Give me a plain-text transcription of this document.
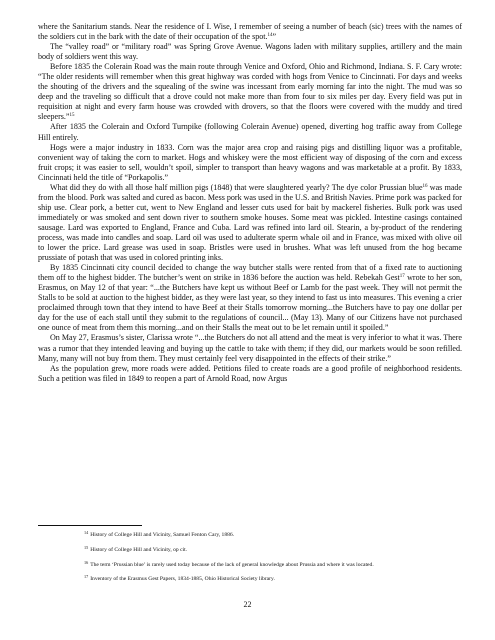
where the Sanitarium stands. Near the residence of I. Wise, I remember of seeing a number of beach (sic) trees with the names of the soldiers cut in the bark with the date of their occupation of the spot.$^{14}$”

The “valley road” or “military road” was Spring Grove Avenue. Wagons laden with military supplies, artillery and the main body of soldiers went this way.

Before 1835 the Colerain Road was the main route through Venice and Oxford, Ohio and Richmond, Indiana. S. F. Cary wrote: “The older residents will remember when this great highway was corded with hogs from Venice to Cincinnati. For days and weeks the shouting of the drivers and the squealing of the swine was incessant from early morning far into the night. The mud was so deep and the traveling so difficult that a drove could not make more than from four to six miles per day. Every field was put in requisition at night and every farm house was crowded with drovers, so that the floors were covered with the muddy and tired sleepers.”$^{15}$

After 1835 the Colerain and Oxford Turnpike (following Colerain Avenue) opened, diverting hog traffic away from College Hill entirely.

Hogs were a major industry in 1833. Corn was the major area crop and raising pigs and distilling liquor was a profitable, convenient way of taking the corn to market. Hogs and whiskey were the most efficient way of disposing of the corn and excess fruit crops; it was easier to sell, wouldn’t spoil, simpler to transport than heavy wagons and was marketable at a profit. By 1833, Cincinnati held the title of “Porkapolis.”

What did they do with all those half million pigs (1848) that were slaughtered yearly? The dye color Prussian blue$^{16}$ was made from the blood. Pork was salted and cured as bacon. Mess pork was used in the U.S. and British Navies. Prime pork was packed for ship use. Clear pork, a better cut, went to New England and lesser cuts used for bait by mackerel fisheries. Bulk pork was used immediately or was smoked and sent down river to southern smoke houses. Some meat was pickled. Intestine casings contained sausage. Lard was exported to England, France and Cuba. Lard was refined into lard oil. Stearin, a by-product of the rendering process, was made into candles and soap. Lard oil was used to adulterate sperm whale oil and in France, was mixed with olive oil to lower the price. Lard grease was used in soap. Bristles were used in brushes. What was left unused from the hog became prussiate of potash that was used in colored printing inks.

By 1835 Cincinnati city council decided to change the way butcher stalls were rented from that of a fixed rate to auctioning them off to the highest bidder. The butcher’s went on strike in 1836 before the auction was held. Rebekah Gest$^{17}$ wrote to her son, Erasmus, on May 12 of that year: “...the Butchers have kept us without Beef or Lamb for the past week. They will not permit the Stalls to be sold at auction to the highest bidder, as they were last year, so they intend to fast us into measures. This evening a crier proclaimed through town that they intend to have Beef at their Stalls tomorrow morning...the Butchers have to pay one dollar per day for the use of each stall until they submit to the regulations of council... (May 13). Many of our Citizens have not purchased one ounce of meat from them this morning...and on their Stalls the meat out to be let remain until it spoiled.”

On May 27, Erasmus’s sister, Clarissa wrote “...the Butchers do not all attend and the meat is very inferior to what it was. There was a rumor that they intended leaving and buying up the cattle to take with them; if they did, our markets would be soon refilled. Many, many will not buy from them. They must certainly feel very disappointed in the effects of their strike.”

As the population grew, more roads were added. Petitions filed to create roads are a good profile of neighborhood residents. Such a petition was filed in 1849 to reopen a part of Arnold Road, now Argus

$^{14}$ History of College Hill and Vicinity, Samuel Fenton Cary, 1886.

$^{15}$ History of College Hill and Vicinity, op cit.

$^{16}$ The term ‘Prussian blue’ is rarely used today because of the lack of general knowledge about Prussia and where it was located.

$^{17}$ Inventory of the Erasmus Gest Papers, 1834-1885, Ohio Historical Society library.

22
